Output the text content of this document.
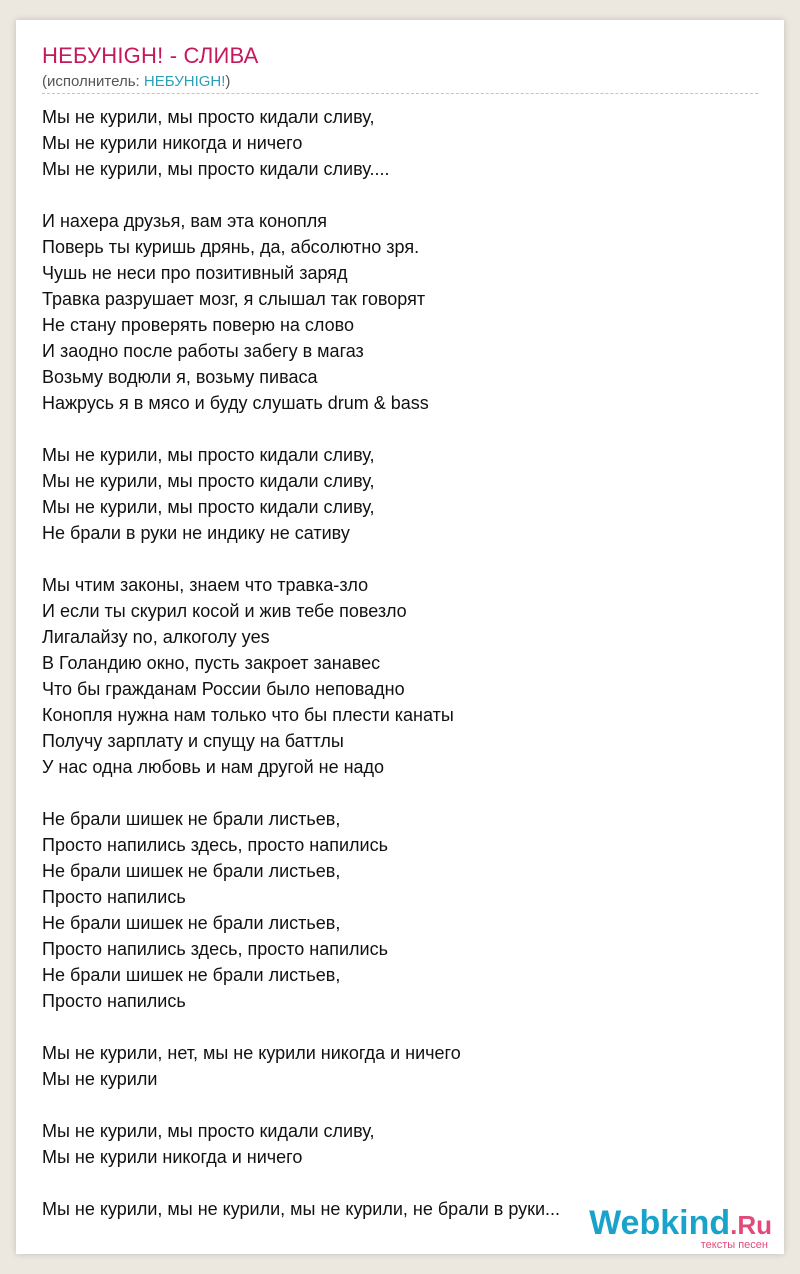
НЕБУНIGH! - СЛИВА
(исполнитель: НЕБУНIGH!)
Мы не курили, мы просто кидали сливу,
Мы не курили никогда и ничего
Мы не курили, мы просто кидали сливу....
И нахера друзья, вам эта конопля
Поверь ты куришь дрянь, да, абсолютно зря.
Чушь не неси про позитивный заряд
Травка разрушает мозг, я слышал так говорят
Не стану проверять поверю на слово
И заодно после работы забегу в магаз
Возьму водюли я, возьму пиваса
Нажрусь я в мясо и буду слушать drum & bass
Мы не курили, мы просто кидали сливу,
Мы не курили, мы просто кидали сливу,
Мы не курили, мы просто кидали сливу,
Не брали в руки не индику не сативу
Мы чтим законы, знаем что травка-зло
И если ты скурил косой и жив тебе повезло
Лигалайзу no, алкоголу yes
В Голандию окно, пусть закроет занавес
Что бы гражданам России было неповадно
Конопля нужна нам только что бы плести канаты
Получу зарплату и спущу на баттлы
У нас одна любовь и нам другой не надо
Не брали шишек не брали листьев,
Просто напились здесь, просто напились
Не брали шишек не брали листьев,
Просто напились
Не брали шишек не брали листьев,
Просто напились здесь, просто напились
Не брали шишек не брали листьев,
Просто напились
Мы не курили, нет, мы не курили никогда и ничего
Мы не курили
Мы не курили, мы просто кидали сливу,
Мы не курили никогда и ничего
Мы не курили, мы не курили, мы не курили, не брали в руки... Webkind.Ru
тексты песен
